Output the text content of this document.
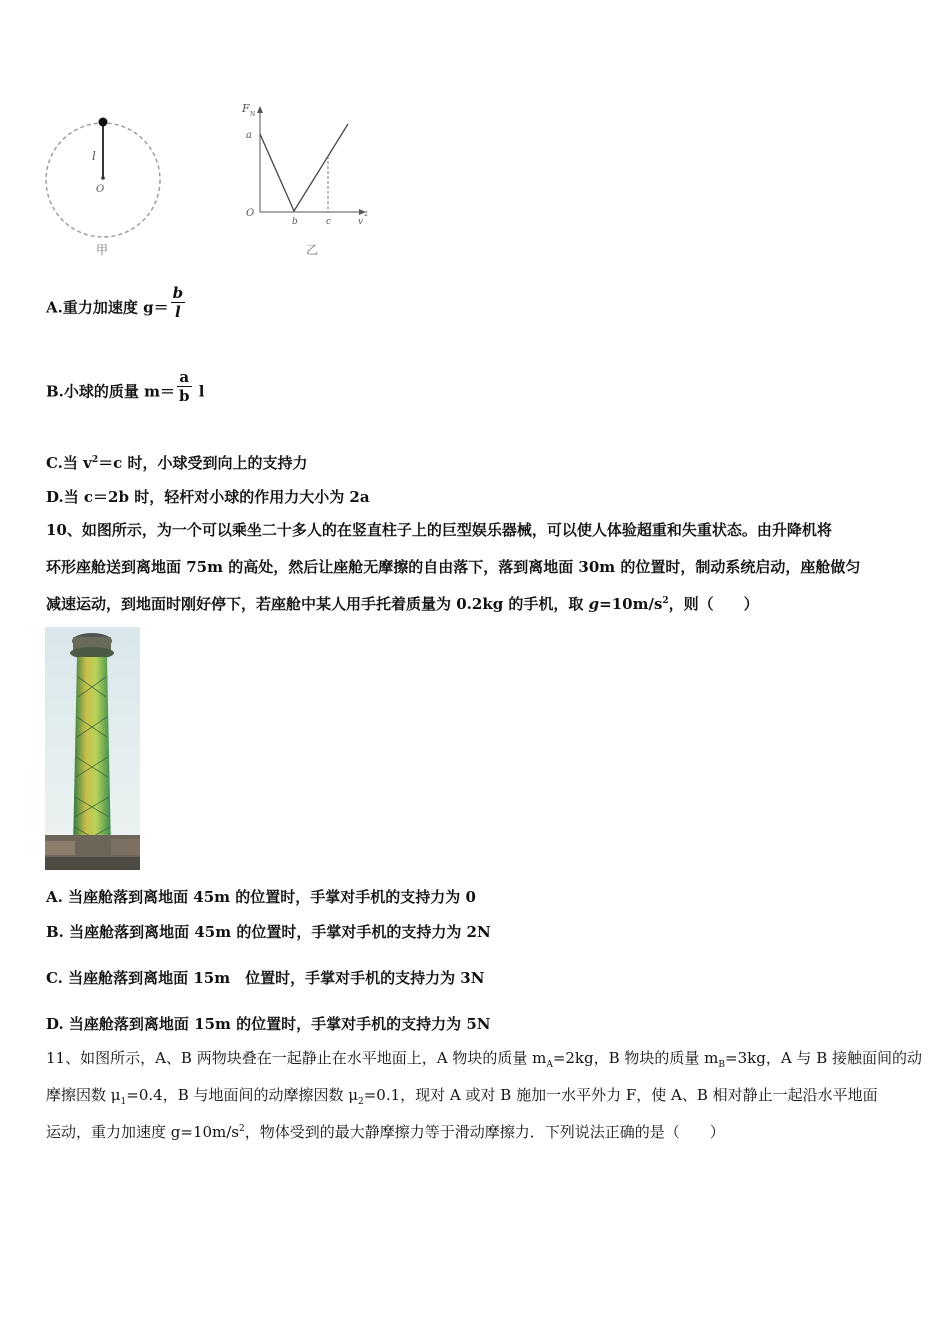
l
O
甲
F N
a
O
b	c	v
2
乙
A.重力加速度 $g= \frac{b}{l}$
B.小球的质量 $m= \frac{a}{b}$ l
C.当 $v^2=c$ 时，小球受到向上的支持力
D.当 c＝2b 时，轻杆对小球的作用力大小为 2a
10、如图所示，为一个可以乘坐二十多人的在竖直柱子上的巨型娱乐器械，可以使人体验超重和失重状态。由升降机将
环形座舱送到离地面 75m 的高处，然后让座舱无摩擦的自由落下，落到离地面 30m 的位置时，制动系统启动，座舱做匀
减速运动，到地面时刚好停下，若座舱中某人用手托着质量为 0.2kg 的手机，取 $g=10m/s^2$，则（　　）
A. 当座舱落到离地面 45m 的位置时，手掌对手机的支持力为 0
B. 当座舱落到离地面 45m 的位置时，手掌对手机的支持力为 2N
C. 当座舱落到离地面 15m　位置时，手掌对手机的支持力为 3N
D. 当座舱落到离地面 15m 的位置时，手掌对手机的支持力为 5N
11、如图所示，A、B 两物块叠在一起静止在水平地面上，A 物块的质量 $m_A=2kg$，B 物块的质量 $m_B=3kg$，A 与 B 接触面间的动
摩擦因数 $\mu_1=0.4$，B 与地面间的动摩擦因数 $\mu_2=0.1$，现对 A 或对 B 施加一水平外力 F，使 A、B 相对静止一起沿水平地面
运动，重力加速度 $g=10m/s^2$，物体受到的最大静摩擦力等于滑动摩擦力．下列说法正确的是（　　）
